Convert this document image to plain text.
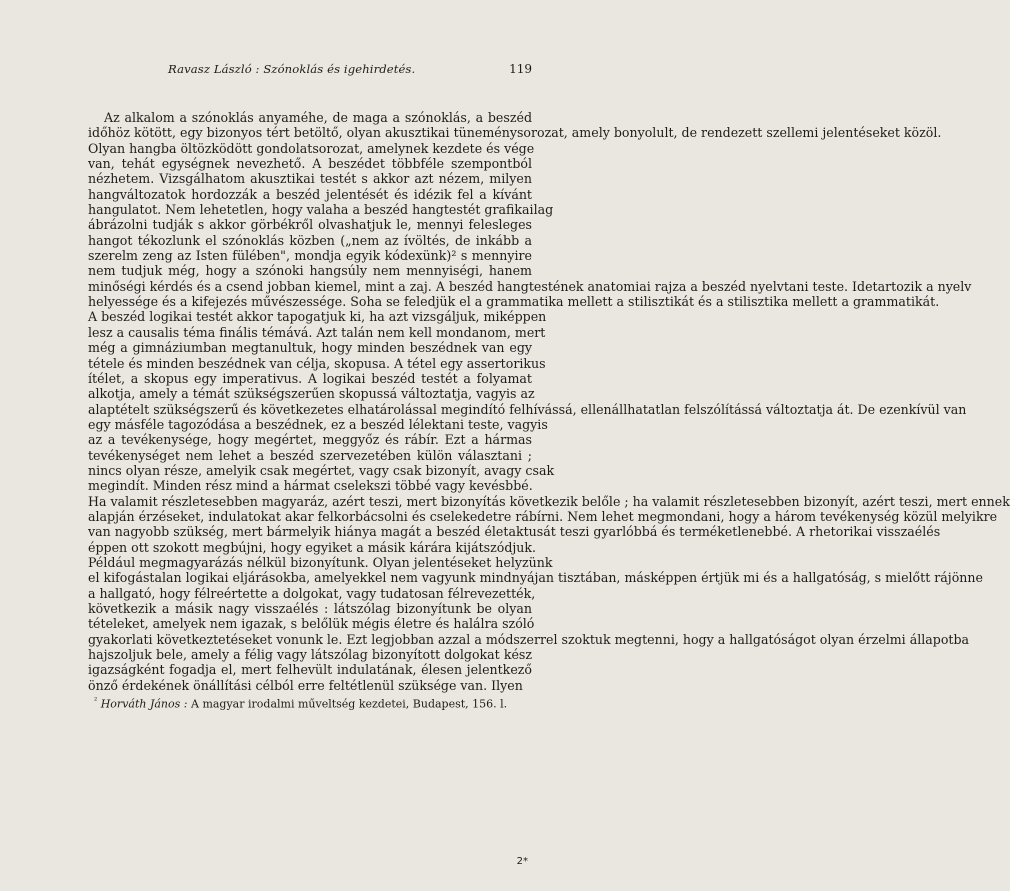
Ravasz László : Szónoklás és igehirdetés.	119
Az alkalom a szónoklás anyaméhe, de maga a szónoklás, a beszéd
időhöz kötött, egy bizonyos tért betöltő, olyan akusztikai tüneménysorozat, amely bonyolult, de rendezett szellemi jelentéseket közöl.
Olyan hangba öltözködött gondolatsorozat, amelynek kezdete és vége
van, tehát egységnek nevezhető. A beszédet többféle szempontból
nézhetem. Vizsgálhatom akusztikai testét s akkor azt nézem, milyen
hangváltozatok hordozzák a beszéd jelentését és idézik fel a kívánt
hangulatot. Nem lehetetlen, hogy valaha a beszéd hangtestét grafikailag
ábrázolni tudják s akkor görbékről olvashatjuk le, mennyi felesleges
hangot tékozlunk el szónoklás közben („nem az ívöltés, de inkább a
szerelm zeng az Isten fülében", mondja egyik kódexünk)² s mennyire
nem tudjuk még, hogy a szónoki hangsúly nem mennyiségi, hanem
minőségi kérdés és a csend jobban kiemel, mint a zaj. A beszéd hangtestének anatomiai rajza a beszéd nyelvtani teste. Idetartozik a nyelv
helyessége és a kifejezés művészessége. Soha se feledjük el a grammatika mellett a stilisztikát és a stilisztika mellett a grammatikát.
A beszéd logikai testét akkor tapogatjuk ki, ha azt vizsgáljuk, miképpen
lesz a causalis téma finális témává. Azt talán nem kell mondanom, mert
még a gimnáziumban megtanultuk, hogy minden beszédnek van egy
tétele és minden beszédnek van célja, skopusa. A tétel egy assertorikus
ítélet, a skopus egy imperativus. A logikai beszéd testét a folyamat
alkotja, amely a témát szükségszerűen skopussá változtatja, vagyis az
alaptételt szükségszerű és következetes elhatárolással megindító felhívássá, ellenállhatatlan felszólítássá változtatja át. De ezenkívül van
egy másféle tagozódása a beszédnek, ez a beszéd lélektani teste, vagyis
az a tevékenysége, hogy megértet, meggyőz és rábír. Ezt a hármas
tevékenységet nem lehet a beszéd szervezetében külön választani ;
nincs olyan része, amelyik csak megértet, vagy csak bizonyít, avagy csak
megindít. Minden rész mind a hármat cselekszi többé vagy kevésbbé.
Ha valamit részletesebben magyaráz, azért teszi, mert bizonyítás következik belőle ; ha valamit részletesebben bizonyít, azért teszi, mert ennek
alapján érzéseket, indulatokat akar felkorbácsolni és cselekedetre rábírni. Nem lehet megmondani, hogy a három tevékenység közül melyikre
van nagyobb szükség, mert bármelyik hiánya magát a beszéd életaktusát teszi gyarlóbbá és terméketlenebbé. A rhetorikai visszaélés
éppen ott szokott megbújni, hogy egyiket a másik kárára kijátszódjuk.
Például megmagyarázás nélkül bizonyítunk. Olyan jelentéseket helyzünk
el kifogástalan logikai eljárásokba, amelyekkel nem vagyunk mindnyájan tisztában, másképpen értjük mi és a hallgatóság, s mielőtt rájönne
a hallgató, hogy félreértette a dolgokat, vagy tudatosan félrevezették,
következik a másik nagy visszaélés : látszólag bizonyítunk be olyan
tételeket, amelyek nem igazak, s belőlük mégis életre és halálra szóló
gyakorlati következtetéseket vonunk le. Ezt legjobban azzal a módszerrel szoktuk megtenni, hogy a hallgatóságot olyan érzelmi állapotba
hajszoljuk bele, amely a félig vagy látszólag bizonyított dolgokat kész
igazságként fogadja el, mert felhevült indulatának, élesen jelentkező
önző érdekének önállítási célból erre feltétlenül szüksége van. Ilyen
$^{^2}$ Horváth János : A magyar irodalmi műveltség kezdetei, Budapest, 156. l.
2*
